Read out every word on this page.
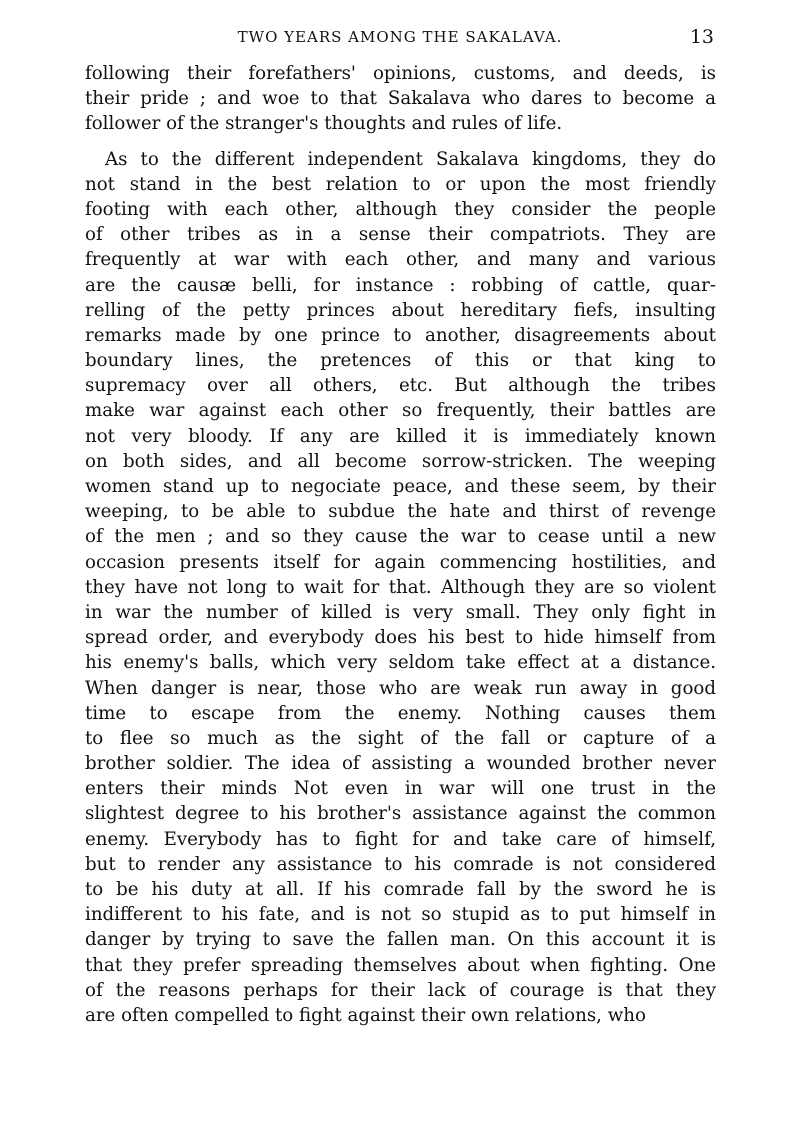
TWO YEARS AMONG THE SAKALAVA.	13
following their forefathers' opinions, customs, and deeds, is
their pride ; and woe to that Sakalava who dares to become a
follower of the stranger's thoughts and rules of life.
As to the different independent Sakalava kingdoms, they do
not stand in the best relation to or upon the most friendly
footing with each other, although they consider the people
of other tribes as in a sense their compatriots. They are
frequently at war with each other, and many and various
are the causæ belli, for instance : robbing of cattle, quar-
relling of the petty princes about hereditary fiefs, insulting
remarks made by one prince to another, disagreements about
boundary lines, the pretences of this or that king to
supremacy over all others, etc. But although the tribes
make war against each other so frequently, their battles are
not very bloody. If any are killed it is immediately known
on both sides, and all become sorrow-stricken. The weeping
women stand up to negociate peace, and these seem, by their
weeping, to be able to subdue the hate and thirst of revenge
of the men ; and so they cause the war to cease until a new
occasion presents itself for again commencing hostilities, and
they have not long to wait for that. Although they are so violent
in war the number of killed is very small. They only fight in
spread order, and everybody does his best to hide himself from
his enemy's balls, which very seldom take effect at a distance.
When danger is near, those who are weak run away in good
time to escape from the enemy. Nothing causes them
to flee so much as the sight of the fall or capture of a
brother soldier. The idea of assisting a wounded brother never
enters their minds Not even in war will one trust in the
slightest degree to his brother's assistance against the common
enemy. Everybody has to fight for and take care of himself,
but to render any assistance to his comrade is not considered
to be his duty at all. If his comrade fall by the sword he is
indifferent to his fate, and is not so stupid as to put himself in
danger by trying to save the fallen man. On this account it is
that they prefer spreading themselves about when fighting. One
of the reasons perhaps for their lack of courage is that they
are often compelled to fight against their own relations, who
